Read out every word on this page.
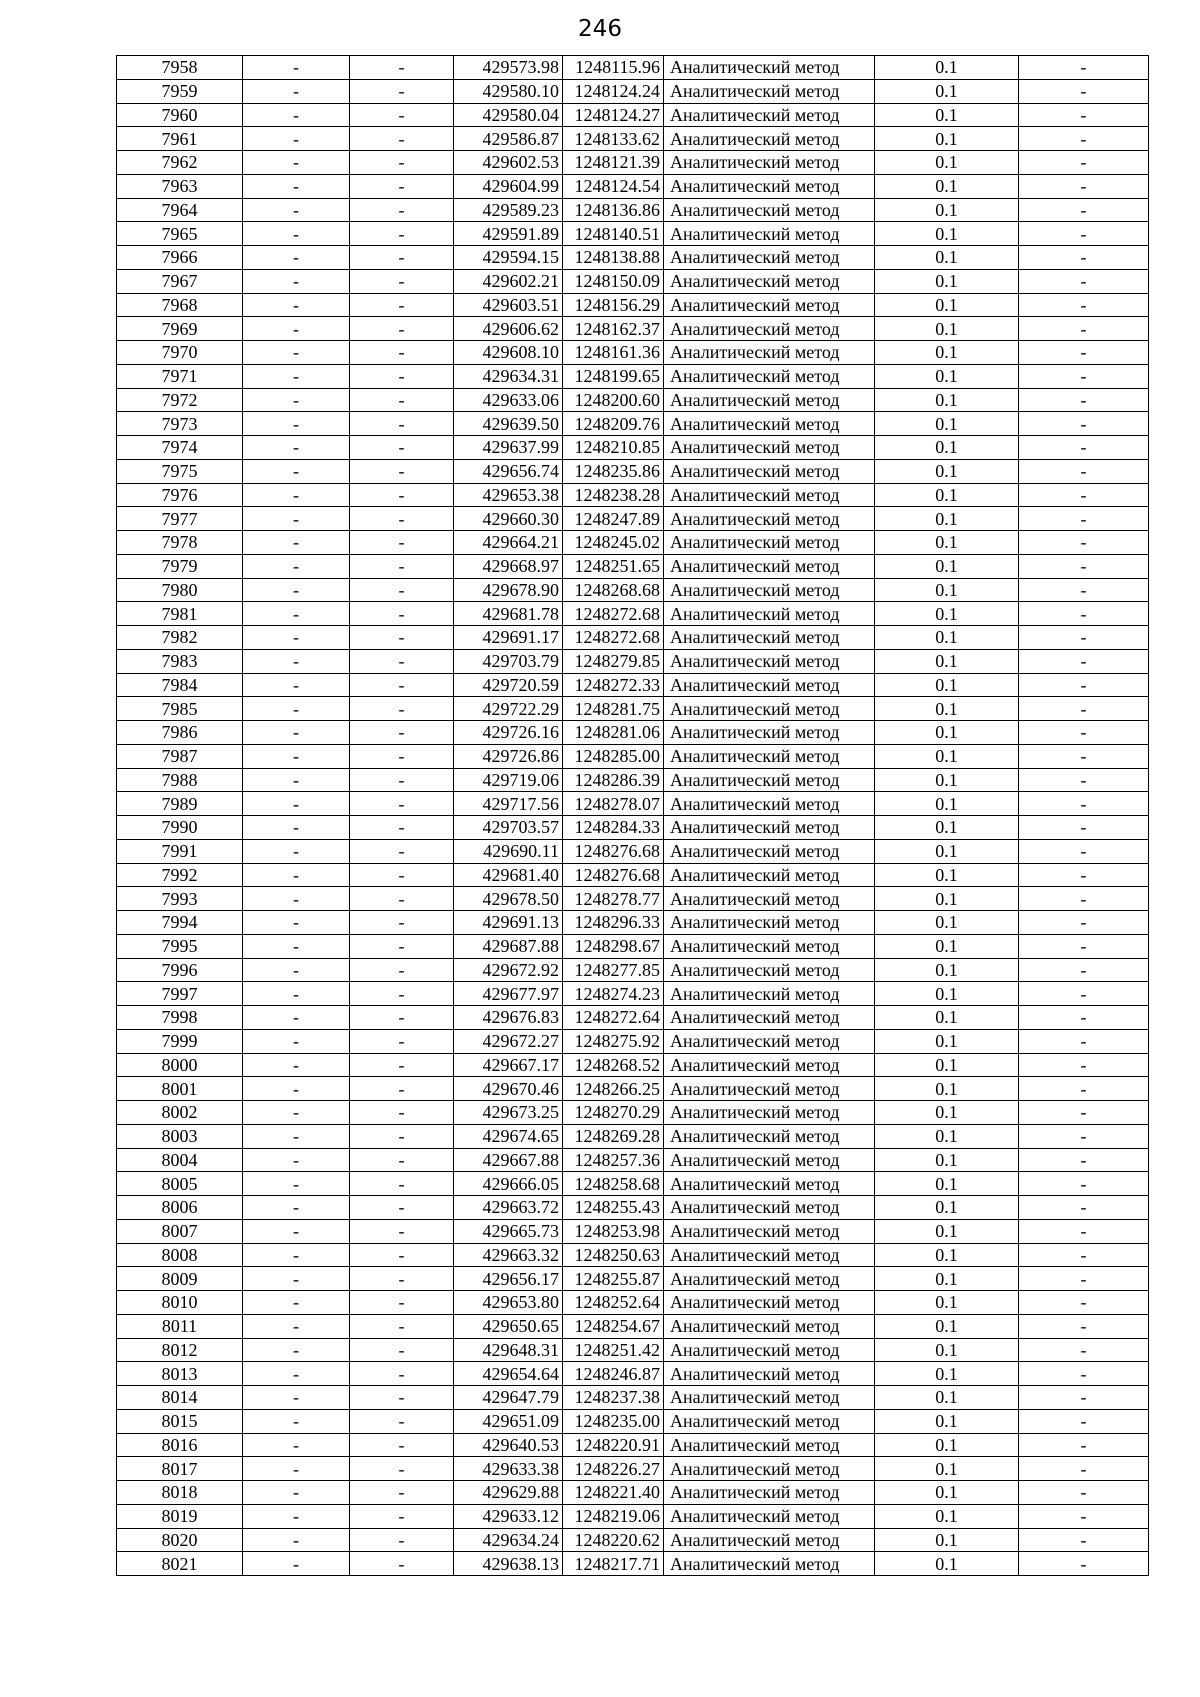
246
7958	-	-	429573.98	1248115.96	Аналитический метод	0.1	-
7959	-	-	429580.10	1248124.24	Аналитический метод	0.1	-
7960	-	-	429580.04	1248124.27	Аналитический метод	0.1	-
7961	-	-	429586.87	1248133.62	Аналитический метод	0.1	-
7962	-	-	429602.53	1248121.39	Аналитический метод	0.1	-
7963	-	-	429604.99	1248124.54	Аналитический метод	0.1	-
7964	-	-	429589.23	1248136.86	Аналитический метод	0.1	-
7965	-	-	429591.89	1248140.51	Аналитический метод	0.1	-
7966	-	-	429594.15	1248138.88	Аналитический метод	0.1	-
7967	-	-	429602.21	1248150.09	Аналитический метод	0.1	-
7968	-	-	429603.51	1248156.29	Аналитический метод	0.1	-
7969	-	-	429606.62	1248162.37	Аналитический метод	0.1	-
7970	-	-	429608.10	1248161.36	Аналитический метод	0.1	-
7971	-	-	429634.31	1248199.65	Аналитический метод	0.1	-
7972	-	-	429633.06	1248200.60	Аналитический метод	0.1	-
7973	-	-	429639.50	1248209.76	Аналитический метод	0.1	-
7974	-	-	429637.99	1248210.85	Аналитический метод	0.1	-
7975	-	-	429656.74	1248235.86	Аналитический метод	0.1	-
7976	-	-	429653.38	1248238.28	Аналитический метод	0.1	-
7977	-	-	429660.30	1248247.89	Аналитический метод	0.1	-
7978	-	-	429664.21	1248245.02	Аналитический метод	0.1	-
7979	-	-	429668.97	1248251.65	Аналитический метод	0.1	-
7980	-	-	429678.90	1248268.68	Аналитический метод	0.1	-
7981	-	-	429681.78	1248272.68	Аналитический метод	0.1	-
7982	-	-	429691.17	1248272.68	Аналитический метод	0.1	-
7983	-	-	429703.79	1248279.85	Аналитический метод	0.1	-
7984	-	-	429720.59	1248272.33	Аналитический метод	0.1	-
7985	-	-	429722.29	1248281.75	Аналитический метод	0.1	-
7986	-	-	429726.16	1248281.06	Аналитический метод	0.1	-
7987	-	-	429726.86	1248285.00	Аналитический метод	0.1	-
7988	-	-	429719.06	1248286.39	Аналитический метод	0.1	-
7989	-	-	429717.56	1248278.07	Аналитический метод	0.1	-
7990	-	-	429703.57	1248284.33	Аналитический метод	0.1	-
7991	-	-	429690.11	1248276.68	Аналитический метод	0.1	-
7992	-	-	429681.40	1248276.68	Аналитический метод	0.1	-
7993	-	-	429678.50	1248278.77	Аналитический метод	0.1	-
7994	-	-	429691.13	1248296.33	Аналитический метод	0.1	-
7995	-	-	429687.88	1248298.67	Аналитический метод	0.1	-
7996	-	-	429672.92	1248277.85	Аналитический метод	0.1	-
7997	-	-	429677.97	1248274.23	Аналитический метод	0.1	-
7998	-	-	429676.83	1248272.64	Аналитический метод	0.1	-
7999	-	-	429672.27	1248275.92	Аналитический метод	0.1	-
8000	-	-	429667.17	1248268.52	Аналитический метод	0.1	-
8001	-	-	429670.46	1248266.25	Аналитический метод	0.1	-
8002	-	-	429673.25	1248270.29	Аналитический метод	0.1	-
8003	-	-	429674.65	1248269.28	Аналитический метод	0.1	-
8004	-	-	429667.88	1248257.36	Аналитический метод	0.1	-
8005	-	-	429666.05	1248258.68	Аналитический метод	0.1	-
8006	-	-	429663.72	1248255.43	Аналитический метод	0.1	-
8007	-	-	429665.73	1248253.98	Аналитический метод	0.1	-
8008	-	-	429663.32	1248250.63	Аналитический метод	0.1	-
8009	-	-	429656.17	1248255.87	Аналитический метод	0.1	-
8010	-	-	429653.80	1248252.64	Аналитический метод	0.1	-
8011	-	-	429650.65	1248254.67	Аналитический метод	0.1	-
8012	-	-	429648.31	1248251.42	Аналитический метод	0.1	-
8013	-	-	429654.64	1248246.87	Аналитический метод	0.1	-
8014	-	-	429647.79	1248237.38	Аналитический метод	0.1	-
8015	-	-	429651.09	1248235.00	Аналитический метод	0.1	-
8016	-	-	429640.53	1248220.91	Аналитический метод	0.1	-
8017	-	-	429633.38	1248226.27	Аналитический метод	0.1	-
8018	-	-	429629.88	1248221.40	Аналитический метод	0.1	-
8019	-	-	429633.12	1248219.06	Аналитический метод	0.1	-
8020	-	-	429634.24	1248220.62	Аналитический метод	0.1	-
8021	-	-	429638.13	1248217.71	Аналитический метод	0.1	-
